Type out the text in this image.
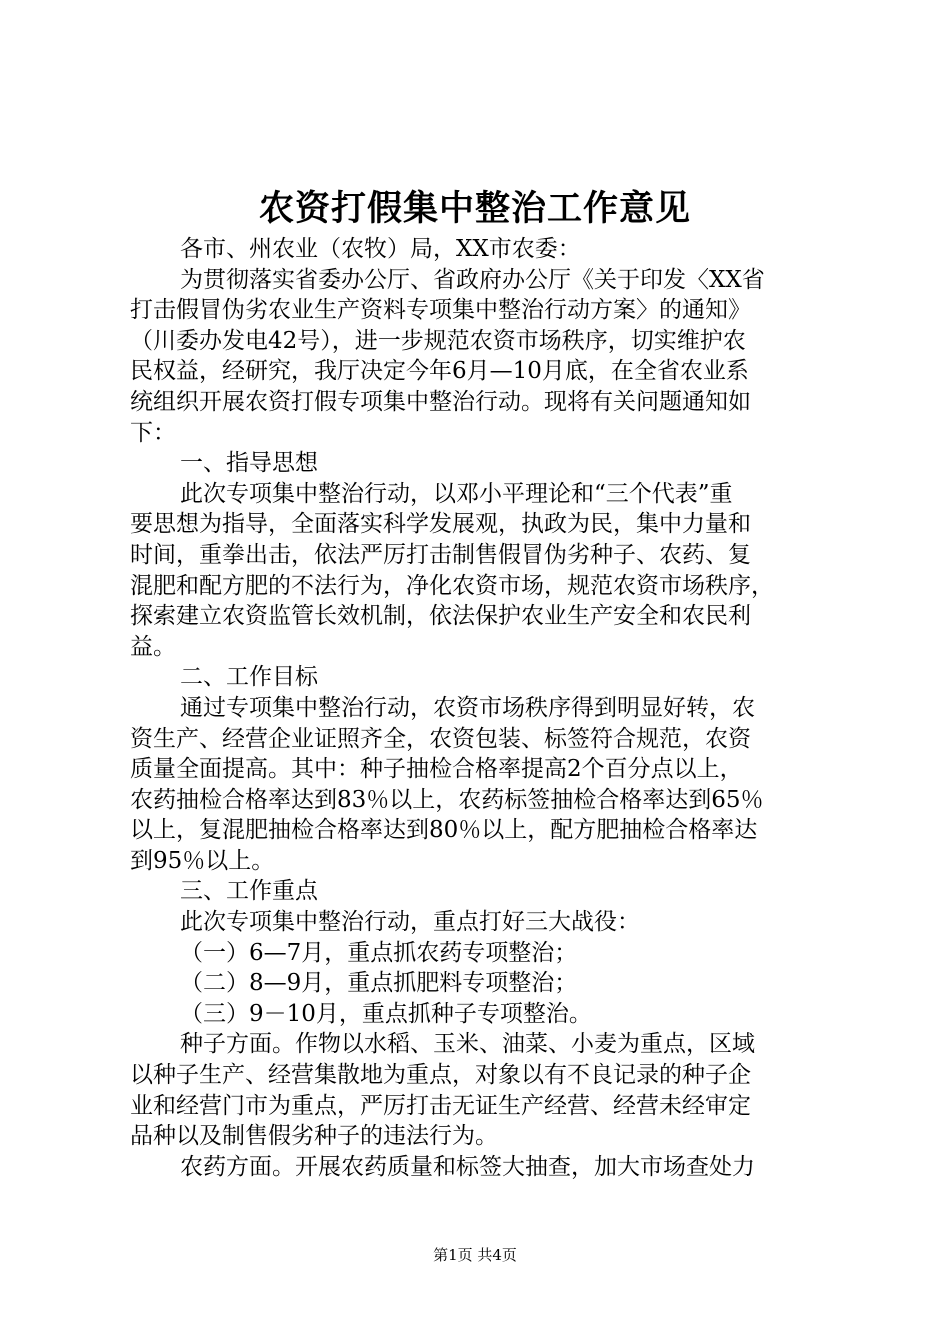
农资打假集中整治工作意见
各市、州农业（农牧）局，XX市农委：
为贯彻落实省委办公厅、省政府办公厅《关于印发〈XX省
打击假冒伪劣农业生产资料专项集中整治行动方案〉的通知》
（川委办发电42号），进一步规范农资市场秩序，切实维护农
民权益，经研究，我厅决定今年6月—10月底，在全省农业系
统组织开展农资打假专项集中整治行动。现将有关问题通知如
下：
一、指导思想
此次专项集中整治行动，以邓小平理论和“三个代表”重
要思想为指导，全面落实科学发展观，执政为民，集中力量和
时间，重拳出击，依法严厉打击制售假冒伪劣种子、农药、复
混肥和配方肥的不法行为，净化农资市场，规范农资市场秩序，
探索建立农资监管长效机制，依法保护农业生产安全和农民利
益。
二、工作目标
通过专项集中整治行动，农资市场秩序得到明显好转，农
资生产、经营企业证照齐全，农资包装、标签符合规范，农资
质量全面提高。其中：种子抽检合格率提高2个百分点以上，
农药抽检合格率达到83％以上，农药标签抽检合格率达到65％
以上，复混肥抽检合格率达到80％以上，配方肥抽检合格率达
到95％以上。
三、工作重点
此次专项集中整治行动，重点打好三大战役：
（一）6—7月，重点抓农药专项整治；
（二）8—9月，重点抓肥料专项整治；
（三）9－10月，重点抓种子专项整治。
种子方面。作物以水稻、玉米、油菜、小麦为重点，区域
以种子生产、经营集散地为重点，对象以有不良记录的种子企
业和经营门市为重点，严厉打击无证生产经营、经营未经审定
品种以及制售假劣种子的违法行为。
农药方面。开展农药质量和标签大抽查，加大市场查处力
第1页 共4页
